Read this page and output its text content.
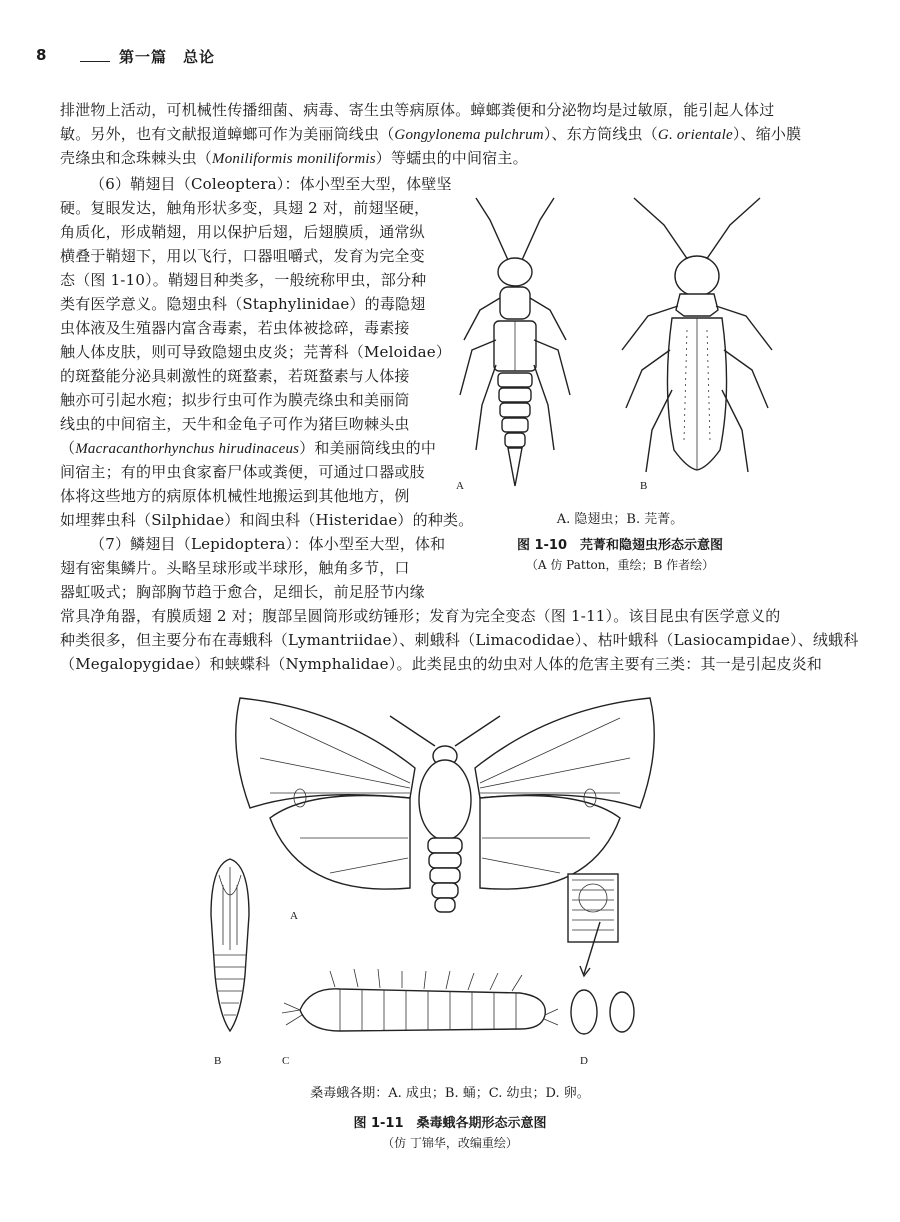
8	第一篇　总论
排泄物上活动，可机械性传播细菌、病毒、寄生虫等病原体。蟑螂粪便和分泌物均是过敏原，能引起人体过
敏。另外，也有文献报道蟑螂可作为美丽筒线虫（Gongylonema pulchrum）、东方筒线虫（G. orientale）、缩小膜
壳绦虫和念珠棘头虫（Moniliformis moniliformis）等蠕虫的中间宿主。
（6）鞘翅目（Coleoptera）：体小型至大型，体壁坚
硬。复眼发达，触角形状多变，具翅 2 对，前翅坚硬，
角质化，形成鞘翅，用以保护后翅，后翅膜质，通常纵
横叠于鞘翅下，用以飞行，口器咀嚼式，发育为完全变
态（图 1-10）。鞘翅目种类多，一般统称甲虫，部分种
类有医学意义。隐翅虫科（Staphylinidae）的毒隐翅
虫体液及生殖器内富含毒素，若虫体被捻碎，毒素接
触人体皮肤，则可导致隐翅虫皮炎；芫菁科（Meloidae）
的斑蝥能分泌具刺激性的斑蝥素，若斑蝥素与人体接
触亦可引起水疱；拟步行虫可作为膜壳绦虫和美丽筒
线虫的中间宿主，天牛和金龟子可作为猪巨吻棘头虫
（Macracanthorhynchus hirudinaceus）和美丽筒线虫的中
间宿主；有的甲虫食家畜尸体或粪便，可通过口器或肢
体将这些地方的病原体机械性地搬运到其他地方，例
如埋葬虫科（Silphidae）和阎虫科（Histeridae）的种类。
（7）鳞翅目（Lepidoptera）：体小型至大型，体和
翅有密集鳞片。头略呈球形或半球形，触角多节，口
器虹吸式；胸部胸节趋于愈合，足细长，前足胫节内缘
常具净角器，有膜质翅 2 对；腹部呈圆筒形或纺锤形；发育为完全变态（图 1-11）。该目昆虫有医学意义的
种类很多，但主要分布在毒蛾科（Lymantriidae）、刺蛾科（Limacodidae）、枯叶蛾科（Lasiocampidae）、绒蛾科
（Megalopygidae）和蛱蝶科（Nymphalidae）。此类昆虫的幼虫对人体的危害主要有三类：其一是引起皮炎和
A	B
A. 隐翅虫；B. 芫菁。
图 1-10　芫菁和隐翅虫形态示意图
（A 仿 Patton，重绘；B 作者绘）
A
B	C	D
桑毒蛾各期：A. 成虫；B. 蛹；C. 幼虫；D. 卵。
图 1-11　桑毒蛾各期形态示意图
（仿 丁锦华，改编重绘）
